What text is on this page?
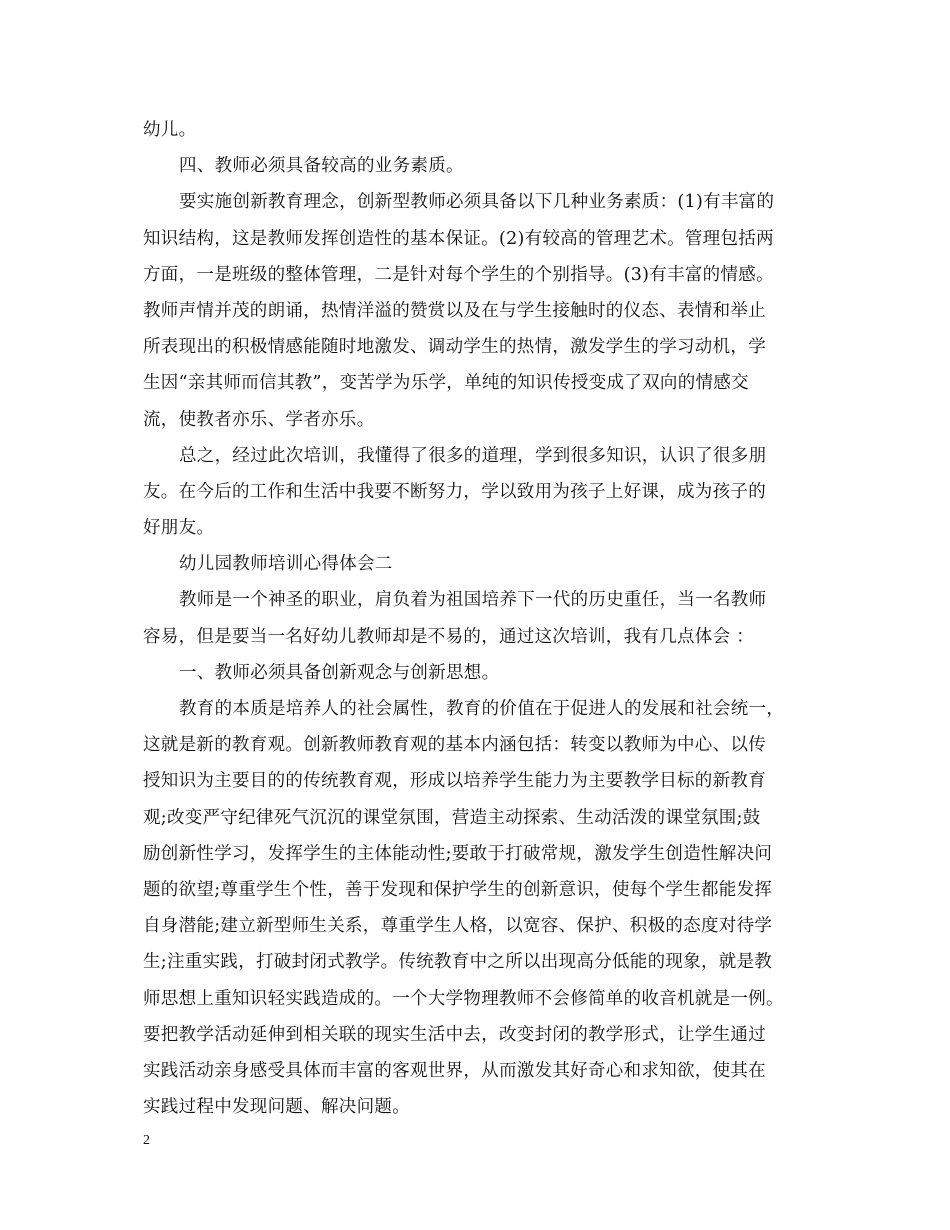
幼儿。
四、教师必须具备较高的业务素质。
要实施创新教育理念，创新型教师必须具备以下几种业务素质：(1)有丰富的
知识结构，这是教师发挥创造性的基本保证。(2)有较高的管理艺术。管理包括两
方面，一是班级的整体管理，二是针对每个学生的个别指导。(3)有丰富的情感。
教师声情并茂的朗诵，热情洋溢的赞赏以及在与学生接触时的仪态、表情和举止
所表现出的积极情感能随时地激发、调动学生的热情，激发学生的学习动机，学
生因“亲其师而信其教”，变苦学为乐学，单纯的知识传授变成了双向的情感交
流，使教者亦乐、学者亦乐。
总之，经过此次培训，我懂得了很多的道理，学到很多知识，认识了很多朋
友。在今后的工作和生活中我要不断努力，学以致用为孩子上好课，成为孩子的
好朋友。
幼儿园教师培训心得体会二
教师是一个神圣的职业，肩负着为祖国培养下一代的历史重任，当一名教师
容易，但是要当一名好幼儿教师却是不易的，通过这次培训，我有几点体会 ：
一、教师必须具备创新观念与创新思想。
教育的本质是培养人的社会属性，教育的价值在于促进人的发展和社会统一，
这就是新的教育观。创新教师教育观的基本内涵包括：转变以教师为中心、以传
授知识为主要目的的传统教育观，形成以培养学生能力为主要教学目标的新教育
观;改变严守纪律死气沉沉的课堂氛围，营造主动探索、生动活泼的课堂氛围;鼓
励创新性学习，发挥学生的主体能动性;要敢于打破常规，激发学生创造性解决问
题的欲望;尊重学生个性，善于发现和保护学生的创新意识，使每个学生都能发挥
自身潜能;建立新型师生关系，尊重学生人格，以宽容、保护、积极的态度对待学
生;注重实践，打破封闭式教学。传统教育中之所以出现高分低能的现象，就是教
师思想上重知识轻实践造成的。一个大学物理教师不会修简单的收音机就是一例。
要把教学活动延伸到相关联的现实生活中去，改变封闭的教学形式，让学生通过
实践活动亲身感受具体而丰富的客观世界，从而激发其好奇心和求知欲，使其在
实践过程中发现问题、解决问题。
2
